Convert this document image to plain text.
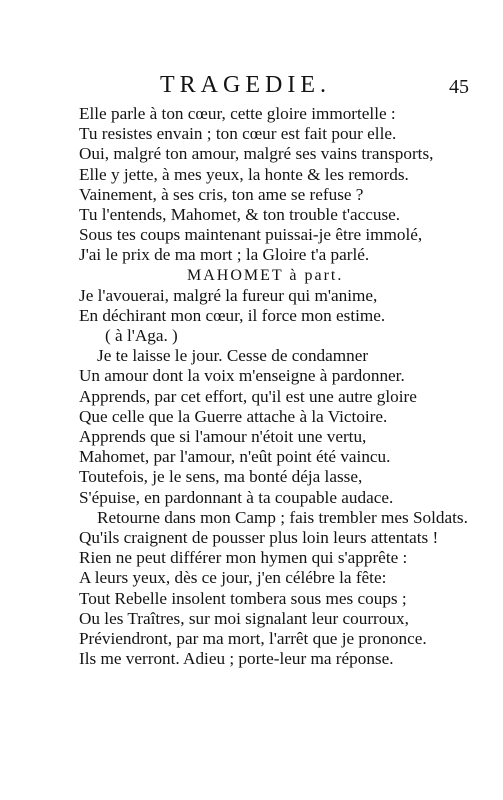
TRAGEDIE.	45
Elle parle à ton cœur, cette gloire immortelle :
Tu resistes envain ; ton cœur est fait pour elle.
Oui, malgré ton amour, malgré ses vains transports,
Elle y jette, à mes yeux, la honte & les remords.
Vainement, à ses cris, ton ame se refuse ?
Tu l'entends, Mahomet, & ton trouble t'accuse.
Sous tes coups maintenant puissai-je être immolé,
J'ai le prix de ma mort ; la Gloire t'a parlé.
MAHOMET à part.
Je l'avouerai, malgré la fureur qui m'anime,
En déchirant mon cœur, il force mon estime.
( à l'Aga. )
Je te laisse le jour. Cesse de condamner
Un amour dont la voix m'enseigne à pardonner.
Apprends, par cet effort, qu'il est une autre gloire
Que celle que la Guerre attache à la Victoire.
Apprends que si l'amour n'étoit une vertu,
Mahomet, par l'amour, n'eût point été vaincu.
Toutefois, je le sens, ma bonté déja lasse,
S'épuise, en pardonnant à ta coupable audace.
Retourne dans mon Camp ; fais trembler mes Soldats.
Qu'ils craignent de pousser plus loin leurs attentats !
Rien ne peut différer mon hymen qui s'apprête :
A leurs yeux, dès ce jour, j'en célébre la fête:
Tout Rebelle insolent tombera sous mes coups ;
Ou les Traîtres, sur moi signalant leur courroux,
Préviendront, par ma mort, l'arrêt que je prononce.
Ils me verront. Adieu ; porte-leur ma réponse.
